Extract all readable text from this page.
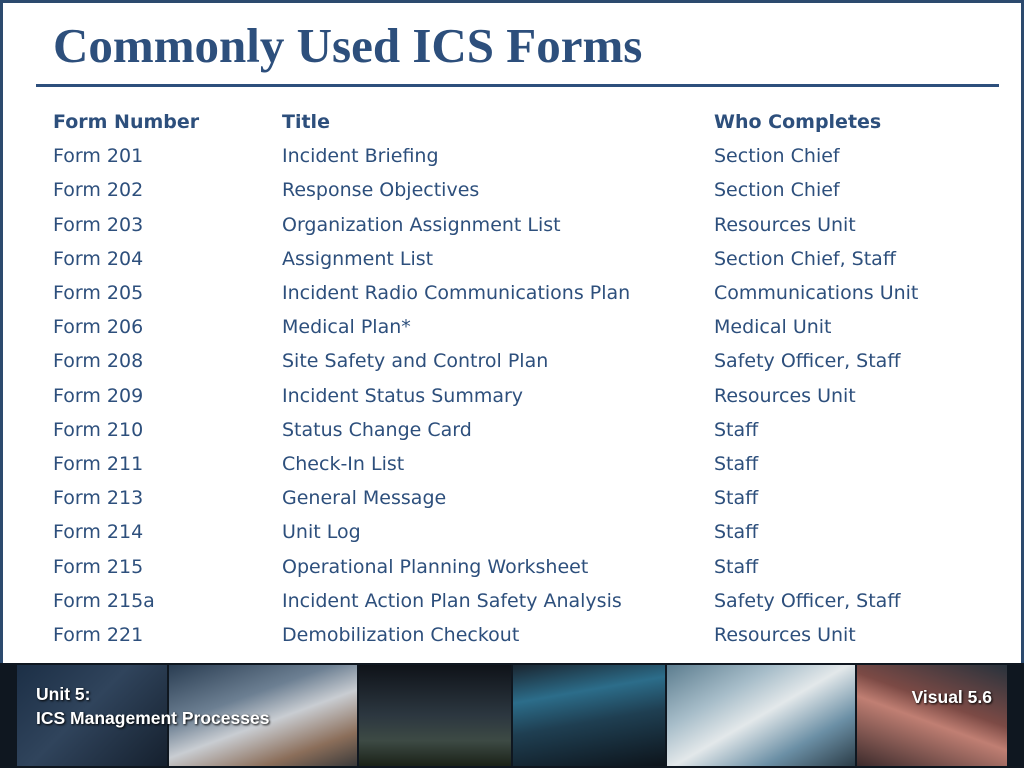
Commonly Used ICS Forms
Form Number	Title	Who Completes
Form 201	Incident Briefing	Section Chief
Form 202	Response Objectives	Section Chief
Form 203	Organization Assignment List	Resources Unit
Form 204	Assignment List	Section Chief, Staff
Form 205	Incident Radio Communications Plan	Communications Unit
Form 206	Medical Plan*	Medical Unit
Form 208	Site Safety and Control Plan	Safety Officer, Staff
Form 209	Incident Status Summary	Resources Unit
Form 210	Status Change Card	Staff
Form 211	Check-In List	Staff
Form 213	General Message	Staff
Form 214	Unit Log	Staff
Form 215	Operational Planning Worksheet	Staff
Form 215a	Incident Action Plan Safety Analysis	Safety Officer, Staff
Form 221	Demobilization Checkout	Resources Unit
Unit 5:
ICS Management Processes
Visual 5.6
